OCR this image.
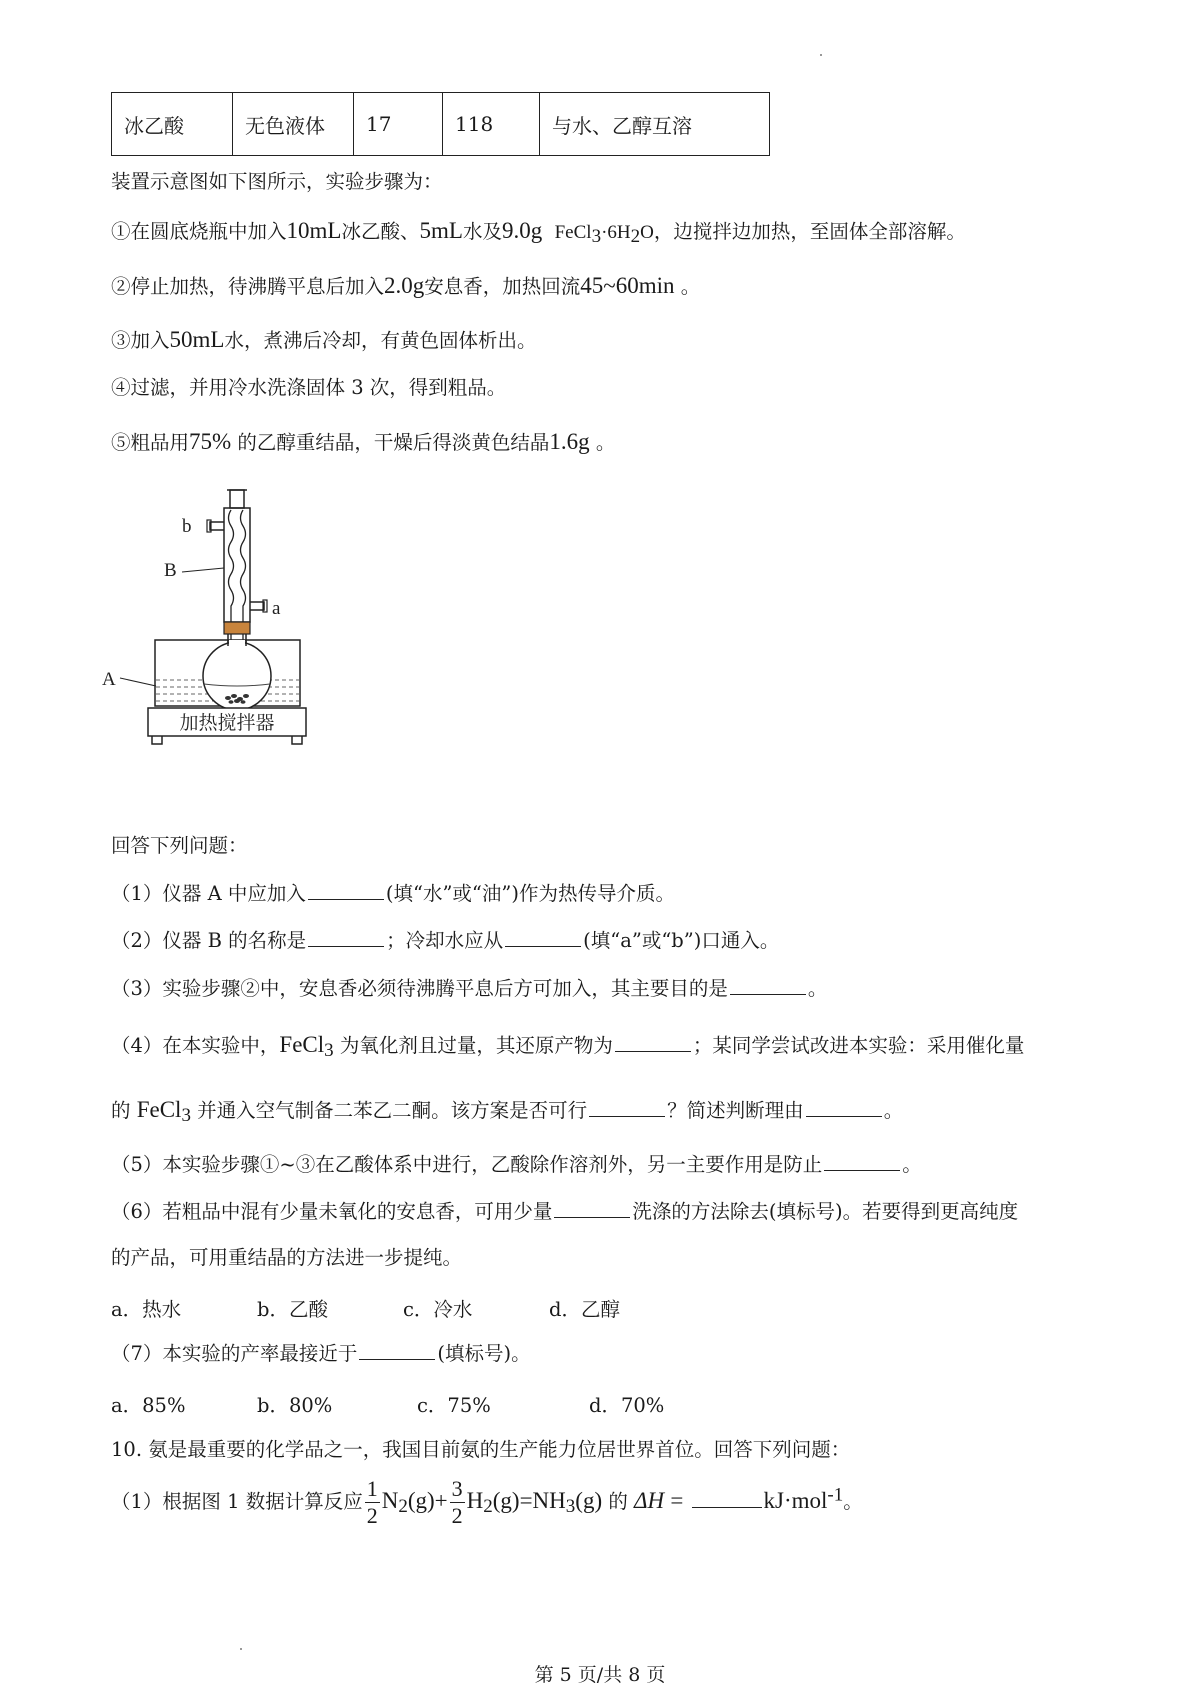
冰乙酸	无色液体	17	118	与水、乙醇互溶
装置示意图如下图所示，实验步骤为：
①在圆底烧瓶中加入10mL冰乙酸、5mL水及9.0g $FeCl_3\cdot 6H_2O$，边搅拌边加热，至固体全部溶解。
②停止加热，待沸腾平息后加入2.0g安息香，加热回流45~60min 。
③加入50mL水，煮沸后冷却，有黄色固体析出。
④过滤，并用冷水洗涤固体 3 次，得到粗品。
⑤粗品用75% 的乙醇重结晶，干燥后得淡黄色结晶1.6g 。
b
B
a
A
加热搅拌器
回答下列问题：
（1）仪器 A 中应加入	(填“水”或“油”)作为热传导介质。
（2）仪器 B 的名称是	；冷却水应从	(填“a”或“b”)口通入。
（3）实验步骤②中，安息香必须待沸腾平息后方可加入，其主要目的是	。
（4）在本实验中，FeCl$_3$ 为氧化剂且过量，其还原产物为	；某同学尝试改进本实验：采用催化量
的 FeCl$_3$ 并通入空气制备二苯乙二酮。该方案是否可行	？简述判断理由	。
（5）本实验步骤①~③在乙酸体系中进行，乙酸除作溶剂外，另一主要作用是防止	。
（6）若粗品中混有少量未氧化的安息香，可用少量	洗涤的方法除去(填标号)。若要得到更高纯度
的产品，可用重结晶的方法进一步提纯。
a．热水	b．乙酸	c．冷水	d．乙醇
（7）本实验的产率最接近于	(填标号)。
a．85%	b．80%	c．75%	d．70%
10. 氨是最重要的化学品之一，我国目前氨的生产能力位居世界首位。回答下列问题：
（1）根据图 1 数据计算反应 $\frac{1}{2} N_2(g)+ \frac{3}{2} H_2(g)=NH_3(g)$ 的 ΔH =	kJ·mol$^{-1}$。
第 5 页/共 8 页
